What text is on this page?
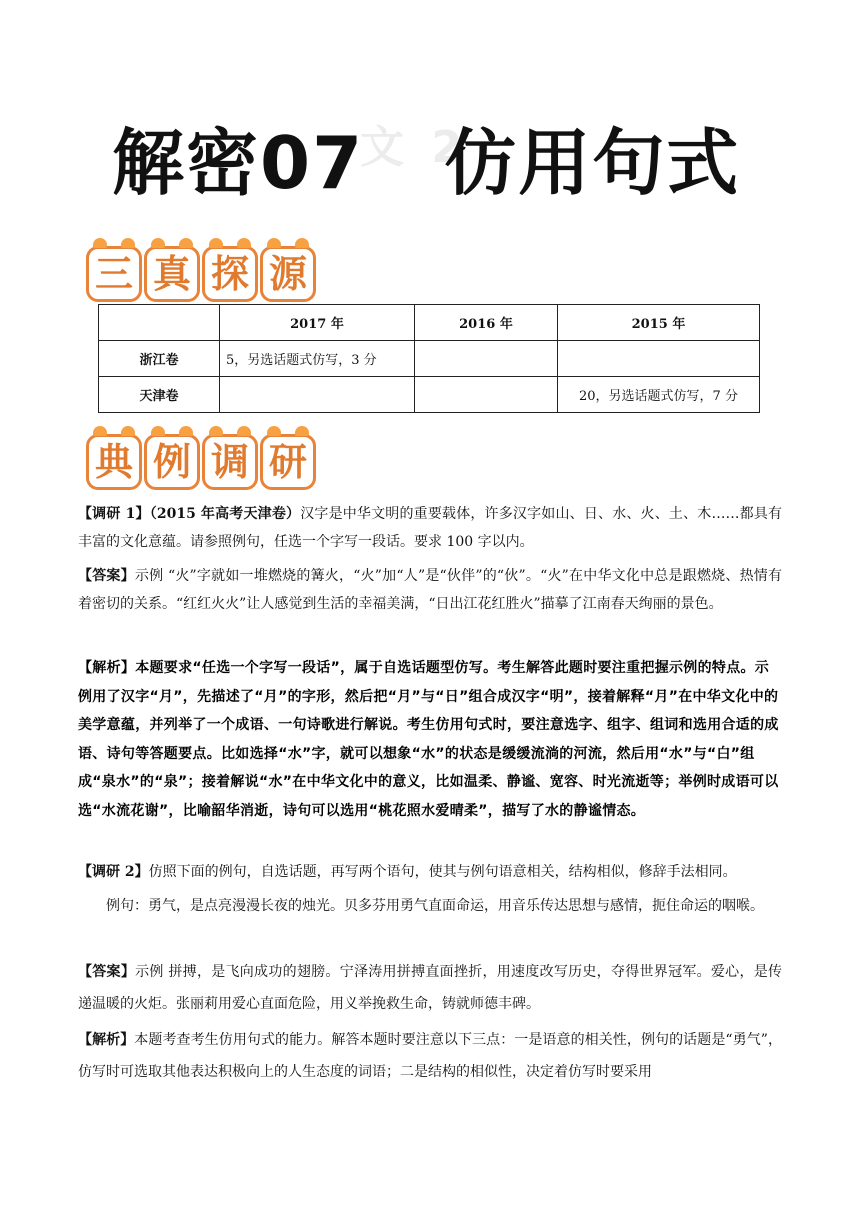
文 2
解密07 仿用句式
三 真 探 源
	2017 年	2016 年	2015 年
浙江卷	5，另选话题式仿写，3 分		
天津卷			20，另选话题式仿写，7 分
典 例 调 研
【调研 1】（2015 年高考天津卷）汉字是中华文明的重要载体，许多汉字如山、日、水、火、土、木……都具有丰富的文化意蕴。请参照例句，任选一个字写一段话。要求 100 字以内。
【答案】示例 “火”字就如一堆燃烧的篝火，“火”加“人”是“伙伴”的“伙”。“火”在中华文化中总是跟燃烧、热情有着密切的关系。“红红火火”让人感觉到生活的幸福美满，“日出江花红胜火”描摹了江南春天绚丽的景色。
【解析】本题要求“任选一个字写一段话”，属于自选话题型仿写。考生解答此题时要注重把握示例的特点。示例用了汉字“月”，先描述了“月”的字形，然后把“月”与“日”组合成汉字“明”，接着解释“月”在中华文化中的美学意蕴，并列举了一个成语、一句诗歌进行解说。考生仿用句式时，要注意选字、组字、组词和选用合适的成语、诗句等答题要点。比如选择“水”字，就可以想象“水”的状态是缓缓流淌的河流，然后用“水”与“白”组成“泉水”的“泉”；接着解说“水”在中华文化中的意义，比如温柔、静谧、宽容、时光流逝等；举例时成语可以选“水流花谢”，比喻韶华消逝，诗句可以选用“桃花照水爱晴柔”，描写了水的静谧情态。
【调研 2】仿照下面的例句，自选话题，再写两个语句，使其与例句语意相关，结构相似，修辞手法相同。
例句：勇气，是点亮漫漫长夜的烛光。贝多芬用勇气直面命运，用音乐传达思想与感情，扼住命运的咽喉。
【答案】示例 拼搏，是飞向成功的翅膀。宁泽涛用拼搏直面挫折，用速度改写历史，夺得世界冠军。爱心，是传递温暖的火炬。张丽莉用爱心直面危险，用义举挽救生命，铸就师德丰碑。
【解析】本题考查考生仿用句式的能力。解答本题时要注意以下三点：一是语意的相关性，例句的话题是“勇气”，仿写时可选取其他表达积极向上的人生态度的词语；二是结构的相似性，决定着仿写时要采用
